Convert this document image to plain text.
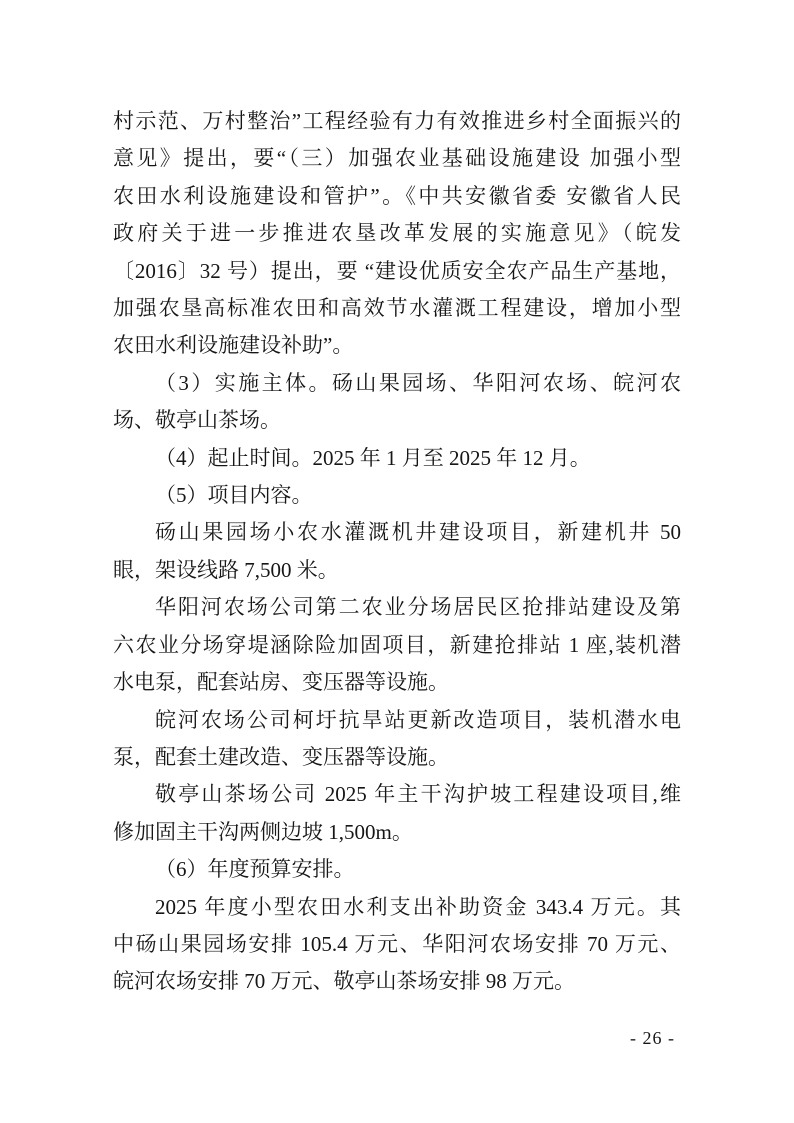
村示范、万村整治”工程经验有力有效推进乡村全面振兴的
意见》提出，要“（三）加强农业基础设施建设 加强小型
农田水利设施建设和管护”。《中共安徽省委 安徽省人民
政府关于进一步推进农垦改革发展的实施意见》（皖发
〔2016〕32 号）提出，要 “建设优质安全农产品生产基地，
加强农垦高标准农田和高效节水灌溉工程建设，增加小型
农田水利设施建设补助”。
（3）实施主体。砀山果园场、华阳河农场、皖河农
场、敬亭山茶场。
（4）起止时间。2025 年 1 月至 2025 年 12 月。
（5）项目内容。
砀山果园场小农水灌溉机井建设项目，新建机井 50
眼，架设线路 7,500 米。
华阳河农场公司第二农业分场居民区抢排站建设及第
六农业分场穿堤涵除险加固项目，新建抢排站 1 座,装机潜
水电泵，配套站房、变压器等设施。
皖河农场公司柯圩抗旱站更新改造项目，装机潜水电
泵，配套土建改造、变压器等设施。
敬亭山茶场公司 2025 年主干沟护坡工程建设项目,维
修加固主干沟两侧边坡 1,500m。
（6）年度预算安排。
2025 年度小型农田水利支出补助资金 343.4 万元。其
中砀山果园场安排 105.4 万元、华阳河农场安排 70 万元、
皖河农场安排 70 万元、敬亭山茶场安排 98 万元。
- 26 -
